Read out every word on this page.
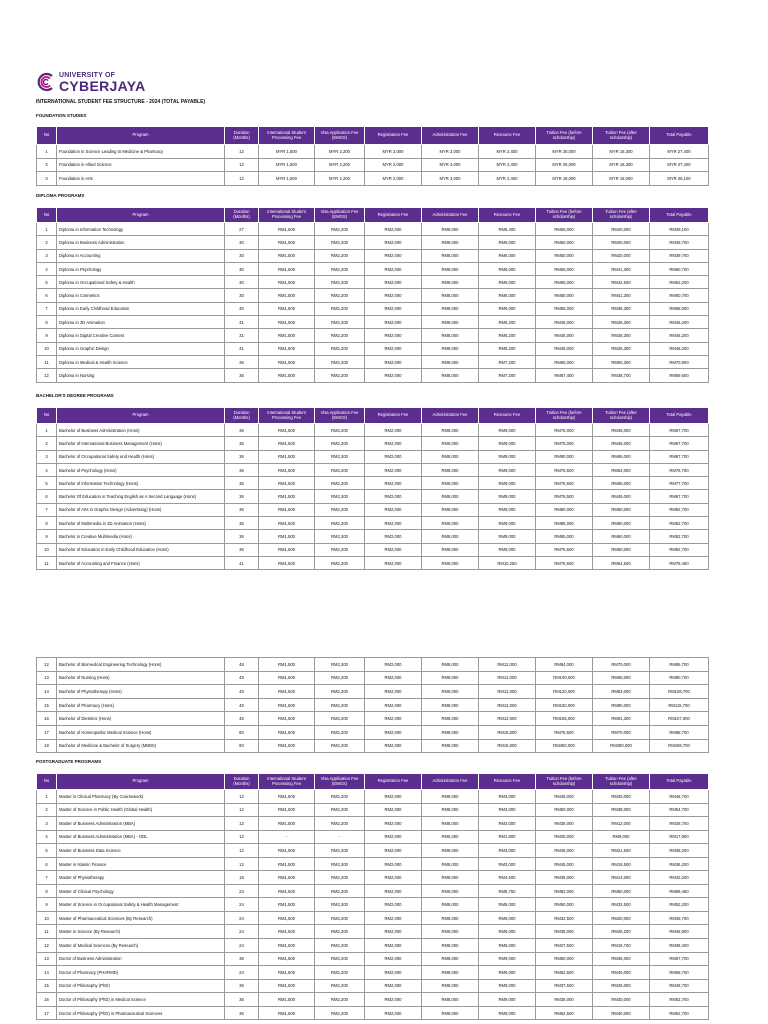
UNIVERSITY OF
CYBERJAYA
INTERNATIONAL STUDENT FEE STRUCTURE - 2024 (TOTAL PAYABLE)
FOUNDATION STUDIES
DIPLOMA PROGRAMS
BACHELOR'S DEGREE PROGRAMS
POSTGRADUATE PROGRAMS
No	Program	Duration (Months)	International Student Processing Fee	Visa Application Fee (EMGS)	Registration Fee	Administration Fee	Resource Fee	Tuition Fee (before scholarship)	Tuition Fee (after scholarship)	Total Payable
1	Foundation in Science Leading to Medicine & Pharmacy	12	MYR 1,500	MYR 2,200	MYR 2,000	MYR 3,000	MYR 2,400	MYR 25,000	MYR 16,300	MYR 27,400
2	Foundation in Allied Science	12	MYR 1,500	MYR 2,200	MYR 2,000	MYR 3,000	MYR 2,400	MYR 25,000	MYR 16,300	MYR 27,400
3	Foundation in Arts	12	MYR 1,500	MYR 2,200	MYR 2,000	MYR 3,000	MYR 2,400	MYR 18,000	MYR 15,000	MYR 26,100
No	Program	Duration (Months)	International Student Processing Fee	Visa Application Fee (EMGS)	Registration Fee	Administration Fee	Resource Fee	Tuition Fee (before scholarship)	Tuition Fee (after scholarship)	Total Payable
1	Diploma in Information Technology	27	RM1,500	RM2,200	RM2,000	RM8,000	RM5,400	RM55,000	RM20,000	RM39,100
2	Diploma in Business Administration	30	RM1,500	RM2,200	RM2,000	RM8,000	RM6,000	RM50,000	RM20,000	RM39,700
3	Diploma in Accounting	30	RM1,500	RM2,200	RM2,000	RM8,000	RM6,000	RM50,000	RM20,000	RM39,700
4	Diploma in Psychology	30	RM1,500	RM2,200	RM2,000	RM8,000	RM6,000	RM55,000	RM41,300	RM60,700
5	Diploma in Occupational Safety & Health	30	RM1,500	RM2,200	RM2,000	RM8,000	RM6,000	RM55,000	RM42,500	RM62,200
6	Diploma in Cosmetics	30	RM1,500	RM2,200	RM2,000	RM8,000	RM6,000	RM55,000	RM41,300	RM60,700
7	Diploma in Early Childhood Education	30	RM1,500	RM2,200	RM2,000	RM8,000	RM6,000	RM55,000	RM38,300	RM58,000
8	Diploma in 3D Animation	31	RM1,500	RM2,200	RM2,000	RM8,000	RM6,200	RM45,000	RM26,300	RM46,200
9	Diploma in Digital Creative Content	31	RM1,500	RM2,200	RM2,000	RM8,000	RM6,200	RM45,000	RM26,300	RM46,200
10	Diploma in Graphic Design	31	RM1,500	RM2,200	RM2,000	RM8,000	RM6,200	RM45,000	RM26,300	RM46,200
11	Diploma in Medical & Health Science	36	RM1,500	RM2,200	RM2,000	RM8,000	RM7,200	RM65,000	RM50,300	RM70,900
12	Diploma in Nursing	36	RM1,500	RM2,200	RM2,000	RM8,000	RM7,200	RM67,400	RM38,700	RM59,600
No	Program	Duration (Months)	International Student Processing Fee	Visa Application Fee (EMGS)	Registration Fee	Administration Fee	Resource Fee	Tuition Fee (before scholarship)	Tuition Fee (after scholarship)	Total Payable
1	Bachelor of Business Administration (Hons)	36	RM1,500	RM2,200	RM2,000	RM8,000	RM9,000	RM75,000	RM45,000	RM67,700
2	Bachelor of International Business Management (Hons)	36	RM1,500	RM2,200	RM2,000	RM8,000	RM9,000	RM75,000	RM45,000	RM67,700
3	Bachelor of Occupational Safety and Health (Hons)	36	RM1,500	RM2,200	RM2,000	RM8,000	RM9,000	RM90,000	RM65,000	RM87,700
4	Bachelor of Psychology (Hons)	36	RM1,500	RM2,200	RM2,000	RM8,000	RM9,000	RM76,500	RM54,000	RM76,700
5	Bachelor of Information Technology (Hons)	36	RM1,500	RM2,200	RM2,000	RM8,000	RM9,000	RM76,500	RM55,000	RM77,700
6	Bachelor Of Education in Teaching English as A Second Language (Hons)	36	RM1,500	RM2,200	RM2,000	RM8,000	RM9,000	RM76,500	RM45,000	RM67,700
7	Bachelor of Arts in Graphic Design (Advertising) (Hons)	36	RM1,500	RM2,200	RM2,000	RM8,000	RM9,000	RM80,000	RM60,000	RM82,700
8	Bachelor of Multimedia in 3D Animation (Hons)	36	RM1,500	RM2,200	RM2,000	RM8,000	RM9,000	RM85,000	RM60,000	RM82,700
9	Bachelor in Creative Multimedia (Hons)	36	RM1,500	RM2,200	RM2,000	RM8,000	RM9,000	RM85,000	RM60,000	RM82,700
10	Bachelor of Education in Early Childhood Education (Hons)	36	RM1,500	RM2,200	RM2,000	RM8,000	RM9,000	RM76,500	RM60,000	RM82,700
11	Bachelor of Accounting and Finance (Hons)	41	RM1,500	RM2,200	RM2,000	RM8,000	RM10,250	RM76,500	RM54,500	RM78,450
12	Bachelor of Biomedical Engineering Technology (Hons)	48	RM1,500	RM2,200	RM2,000	RM8,000	RM12,000	RM84,000	RM70,000	RM95,700
13	Bachelor of Nursing (Hons)	48	RM1,500	RM2,200	RM2,000	RM8,000	RM12,000	RM100,000	RM55,000	RM80,700
14	Bachelor of Physiotherapy (Hons)	48	RM1,500	RM2,200	RM2,000	RM8,000	RM12,000	RM120,000	RM83,000	RM108,700
15	Bachelor of Pharmacy (Hons)	48	RM1,500	RM2,200	RM2,000	RM8,000	RM12,000	RM150,000	RM90,000	RM115,700
16	Bachelor of Dietetics (Hons)	48	RM1,500	RM2,200	RM2,000	RM8,000	RM12,000	RM165,000	RM81,300	RM107,000
17	Bachelor of Homeopathic Medical Science (Hons)	60	RM1,500	RM2,200	RM2,000	RM8,000	RM15,000	RM76,500	RM70,000	RM98,700
18	Bachelor of Medicine & Bachelor of Surgery (MBBS)	60	RM1,500	RM2,200	RM2,000	RM8,000	RM15,000	RM450,000	RM380,000	RM408,700
No	Program	Duration (Months)	International Student Processing Fee	Visa Application Fee (EMGS)	Registration Fee	Administration Fee	Resource Fee	Tuition Fee (before scholarship)	Tuition Fee (after scholarship)	Total Payable
1	Master in Clinical Pharmacy (By Coursework)	12	RM1,500	RM2,200	RM2,000	RM8,000	RM3,000	RM45,000	RM30,000	RM46,700
2	Master of Science in Public Health (Global Health)	12	RM1,500	RM2,200	RM2,000	RM8,000	RM3,000	RM50,000	RM38,000	RM54,700
3	Master of Business Administration (MBA)	12	RM1,500	RM2,200	RM2,000	RM8,000	RM3,000	RM35,000	RM12,000	RM28,700
4	Master of Business Administration (MBA) - ODL	12	-	-	RM2,000	RM5,000	RM1,800	RM25,000	RM9,000	RM17,800
5	Master of Business Data Science	12	RM1,500	RM2,200	RM2,000	RM8,000	RM3,000	RM45,000	RM21,500	RM38,200
6	Master in Islamic Finance	12	RM1,500	RM2,200	RM2,000	RM8,000	RM3,000	RM45,000	RM19,500	RM36,200
7	Master of Physiotherapy	18	RM1,500	RM2,200	RM2,000	RM8,000	RM4,500	RM35,000	RM14,000	RM32,200
8	Master of Clinical Psychology	23	RM1,500	RM2,200	RM2,000	RM8,000	RM5,750	RM82,000	RM50,000	RM69,450
9	Master of Science in Occupational Safety & Health Management	24	RM1,500	RM2,200	RM2,000	RM8,000	RM6,000	RM50,000	RM32,500	RM52,200
10	Master of Pharmaceutical Sciences (By Research)	24	RM1,500	RM2,200	RM2,000	RM8,000	RM6,000	RM32,500	RM20,000	RM39,700
11	Master in Science (By Research)	24	RM1,500	RM2,200	RM2,000	RM8,000	RM6,000	RM35,000	RM26,200	RM45,900
12	Master of Medical Sciences (By Research)	24	RM1,500	RM2,200	RM2,000	RM8,000	RM6,000	RM27,500	RM18,700	RM38,400
13	Doctor of Business Administration	36	RM1,500	RM2,200	RM2,000	RM8,000	RM9,000	RM50,000	RM35,000	RM57,700
14	Doctor of Pharmacy (PHARMD)	24	RM1,500	RM2,200	RM2,000	RM8,000	RM6,000	RM52,500	RM40,000	RM59,700
15	Doctor of Philosophy (PhD)	36	RM1,500	RM2,200	RM2,000	RM8,000	RM9,000	RM37,500	RM26,000	RM48,700
16	Doctor of Philosophy (PhD) in Medical Science	36	RM1,500	RM2,200	RM2,000	RM8,000	RM9,000	RM35,000	RM30,000	RM52,700
17	Doctor of Philosophy (PhD) in Pharmaceutical Sciences	36	RM1,500	RM2,200	RM2,000	RM8,000	RM9,000	RM52,500	RM40,000	RM62,700
